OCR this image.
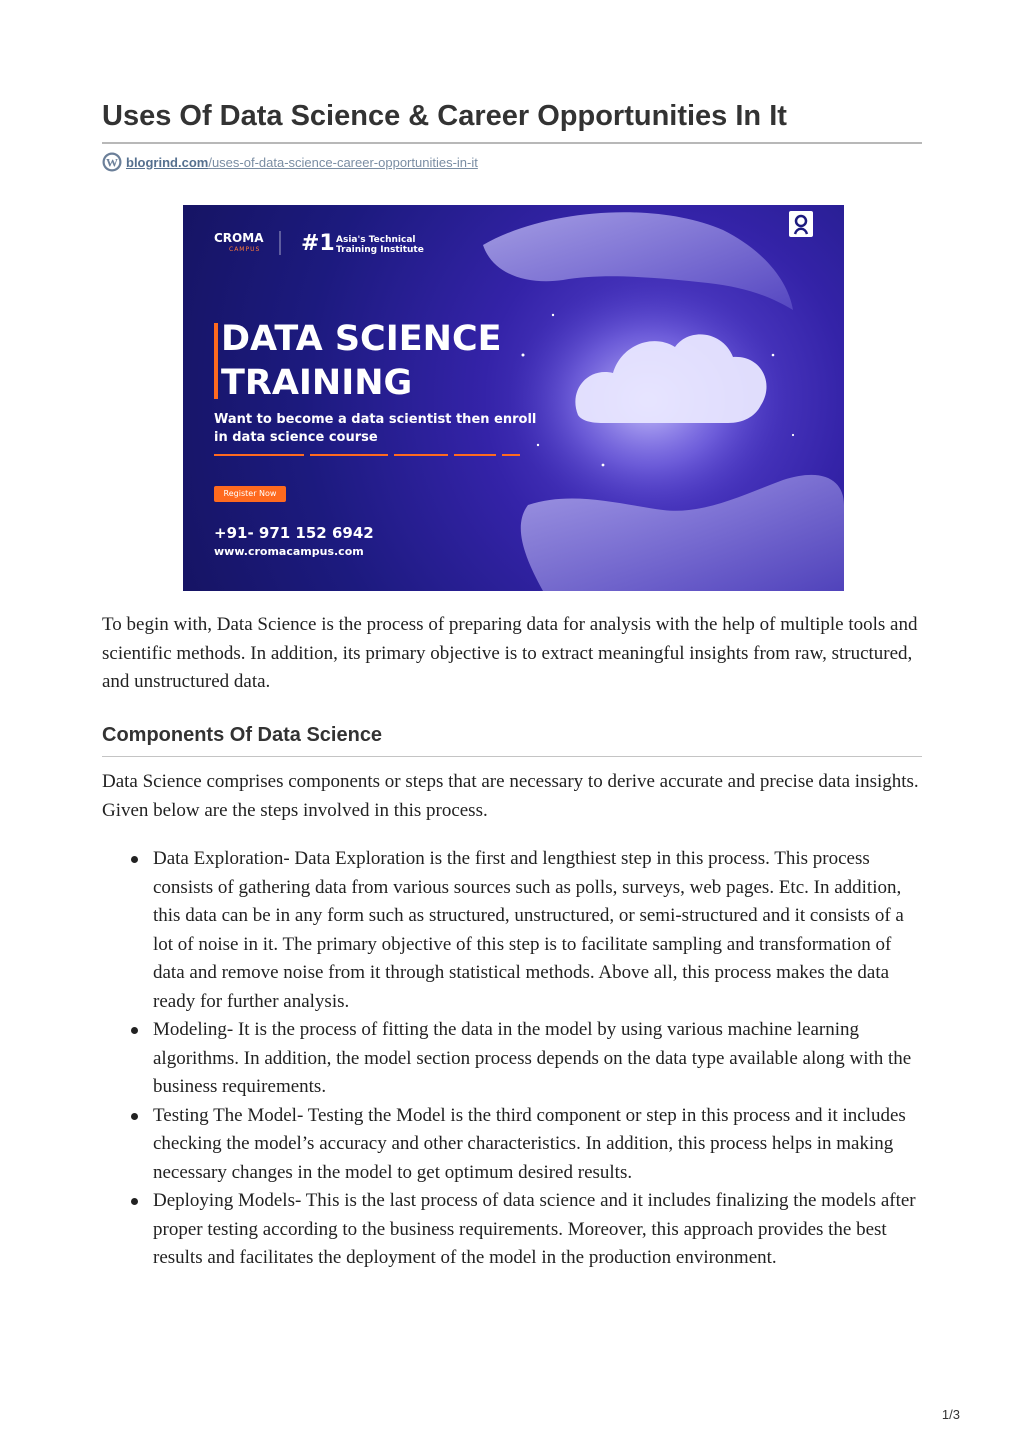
Uses Of Data Science & Career Opportunities In It
W blogrind.com /uses-of-data-science-career-opportunities-in-it
CROMA
CAMPUS #1 Asia's Technical Training Institute
DATA SCIENCE TRAINING
Want to become a data scientist then enroll in data science course
Register Now
+91- 971 152 6942
www.cromacampus.com

To begin with, Data Science is the process of preparing data for analysis with the help of multiple tools and scientific methods. In addition, its primary objective is to extract meaningful insights from raw, structured, and unstructured data.

Components Of Data Science

Data Science comprises components or steps that are necessary to derive accurate and precise data insights. Given below are the steps involved in this process.

Data Exploration- Data Exploration is the first and lengthiest step in this process. This process consists of gathering data from various sources such as polls, surveys, web pages. Etc. In addition, this data can be in any form such as structured, unstructured, or semi-structured and it consists of a lot of noise in it. The primary objective of this step is to facilitate sampling and transformation of data and remove noise from it through statistical methods. Above all, this process makes the data ready for further analysis.
Modeling- It is the process of fitting the data in the model by using various machine learning algorithms. In addition, the model section process depends on the data type available along with the business requirements.
Testing The Model- Testing the Model is the third component or step in this process and it includes checking the model’s accuracy and other characteristics. In addition, this process helps in making necessary changes in the model to get optimum desired results.
Deploying Models- This is the last process of data science and it includes finalizing the models after proper testing according to the business requirements. Moreover, this approach provides the best results and facilitates the deployment of the model in the production environment.
1/3
